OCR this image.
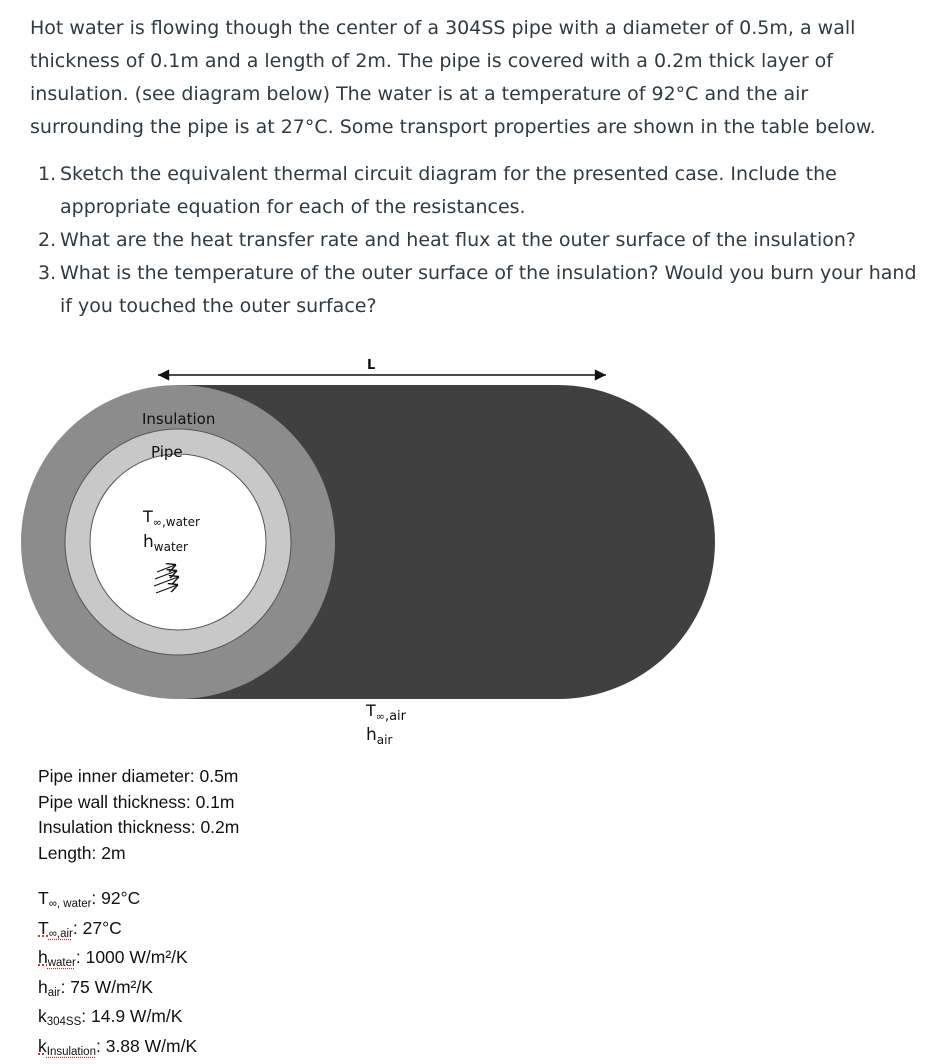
Hot water is flowing though the center of a 304SS pipe with a diameter of 0.5m, a wall thickness of 0.1m and a length of 2m. The pipe is covered with a 0.2m thick layer of insulation. (see diagram below) The water is at a temperature of 92°C and the air surrounding the pipe is at 27°C. Some transport properties are shown in the table below.

1. Sketch the equivalent thermal circuit diagram for the presented case. Include the appropriate equation for each of the resistances.
2. What are the heat transfer rate and heat flux at the outer surface of the insulation?
3. What is the temperature of the outer surface of the insulation? Would you burn your hand if you touched the outer surface?
L
Insulation
Pipe
$T_\infty,water$
$h_{water}$
$T_\infty,air$
$h_{air}$
Pipe inner diameter: 0.5m
Pipe wall thickness: 0.1m
Insulation thickness: 0.2m
Length: 2m
$T_{\infty, water}$: 92°C
$T_{\infty,air}$: 27°C
$h_{water}$: 1000 W/m²/K
$h_{air}$: 75 W/m²/K
$k_{304SS}$: 14.9 W/m/K
$k_{Insulation}$: 3.88 W/m/K
